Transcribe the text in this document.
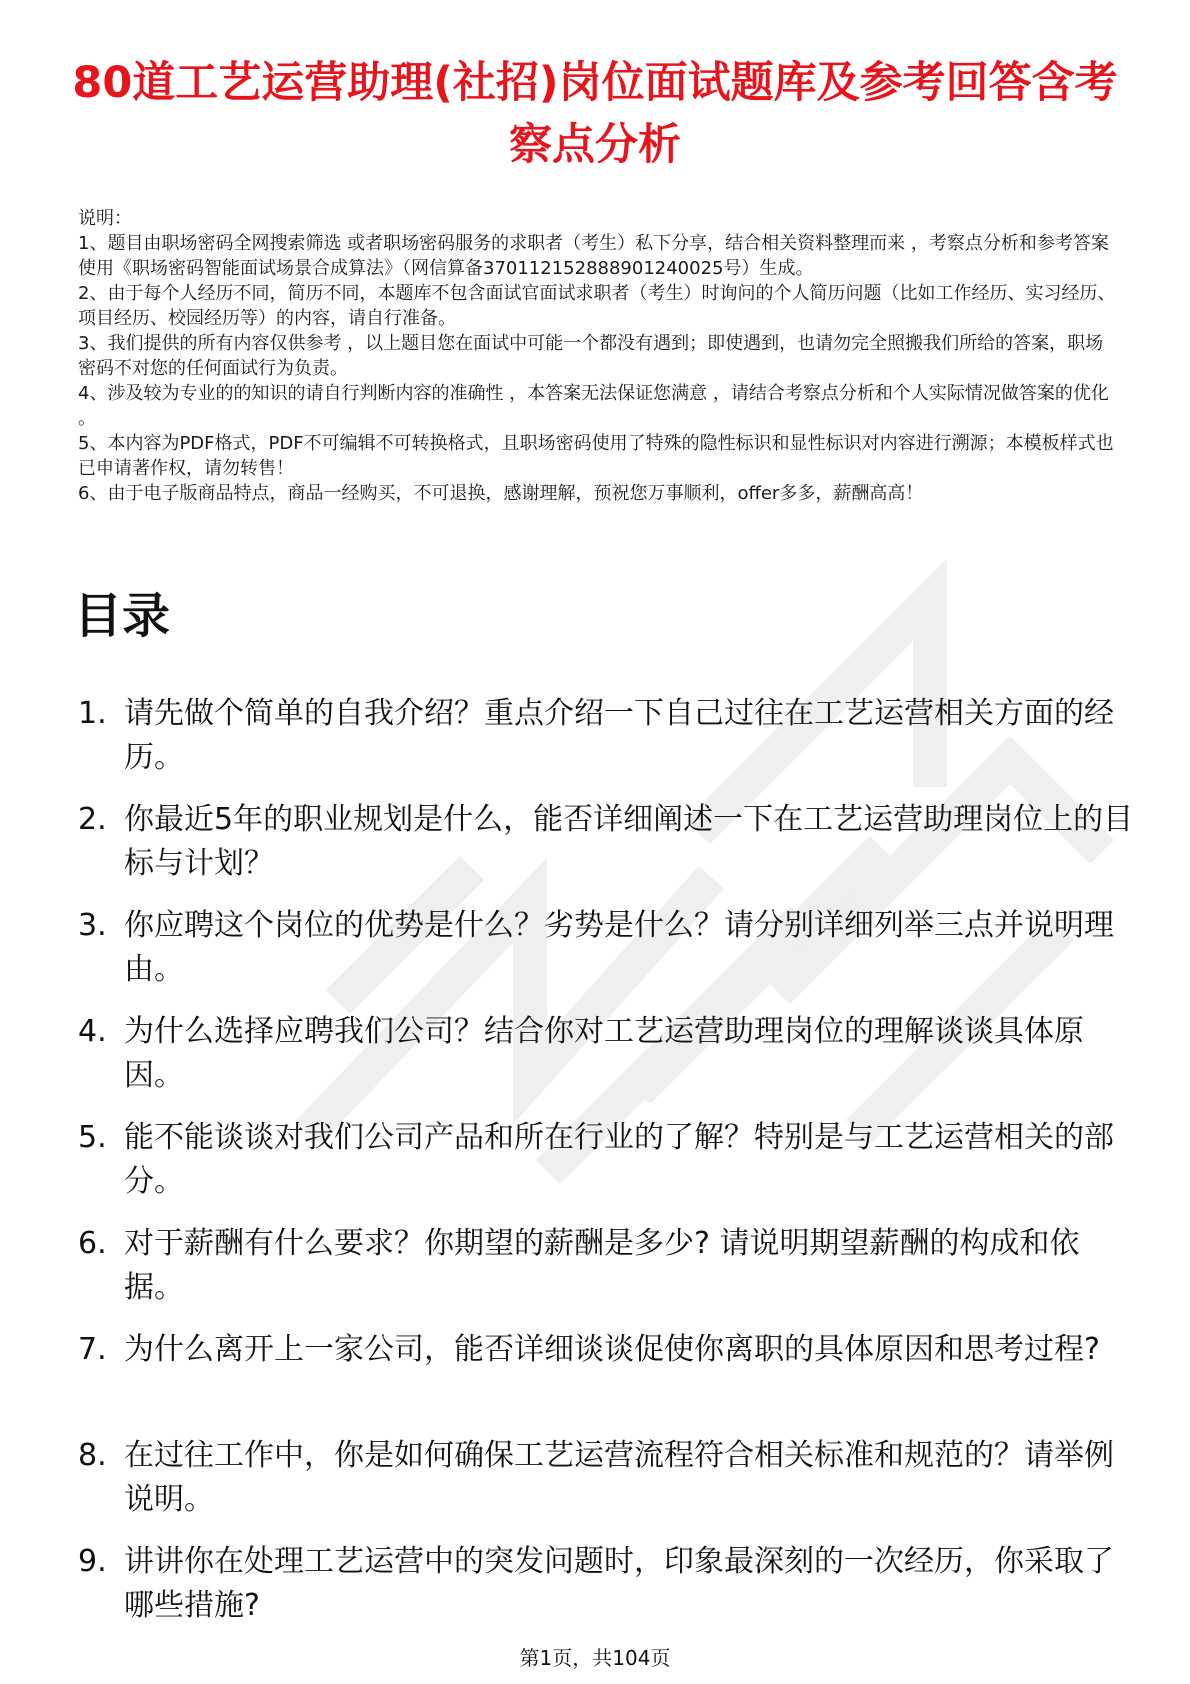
80道工艺运营助理(社招)岗位面试题库及参考回答含考察点分析

说明：

1、题目由职场密码全网搜索筛选 或者职场密码服务的求职者（考生）私下分享，结合相关资料整理而来 ，考察点分析和参考答案使用《职场密码智能面试场景合成算法》（网信算备370112152888901240025号）生成。

2、由于每个人经历不同，简历不同，本题库不包含面试官面试求职者（考生）时询问的个人简历问题（比如工作经历、实习经历、项目经历、校园经历等）的内容，请自行准备。

3、我们提供的所有内容仅供参考 ，以上题目您在面试中可能一个都没有遇到；即使遇到，也请勿完全照搬我们所给的答案，职场密码不对您的任何面试行为负责。

4、涉及较为专业的的知识的请自行判断内容的准确性 ，本答案无法保证您满意 ，请结合考察点分析和个人实际情况做答案的优化 。

5、本内容为PDF格式，PDF不可编辑不可转换格式，且职场密码使用了特殊的隐性标识和显性标识对内容进行溯源；本模板样式也已申请著作权，请勿转售！

6、由于电子版商品特点，商品一经购买，不可退换，感谢理解，预祝您万事顺利，offer多多，薪酬高高！

目录
1. 请先做个简单的自我介绍？重点介绍一下自己过往在工艺运营相关方面的经历。
2. 你最近5年的职业规划是什么，能否详细阐述一下在工艺运营助理岗位上的目标与计划？
3. 你应聘这个岗位的优势是什么？劣势是什么？请分别详细列举三点并说明理由。
4. 为什么选择应聘我们公司？结合你对工艺运营助理岗位的理解谈谈具体原因。
5. 能不能谈谈对我们公司产品和所在行业的了解？特别是与工艺运营相关的部分。
6. 对于薪酬有什么要求？你期望的薪酬是多少? 请说明期望薪酬的构成和依据。
7. 为什么离开上一家公司，能否详细谈谈促使你离职的具体原因和思考过程?
8. 在过往工作中，你是如何确保工艺运营流程符合相关标准和规范的？请举例说明。
9. 讲讲你在处理工艺运营中的突发问题时，印象最深刻的一次经历，你采取了哪些措施?
第1页，共104页
